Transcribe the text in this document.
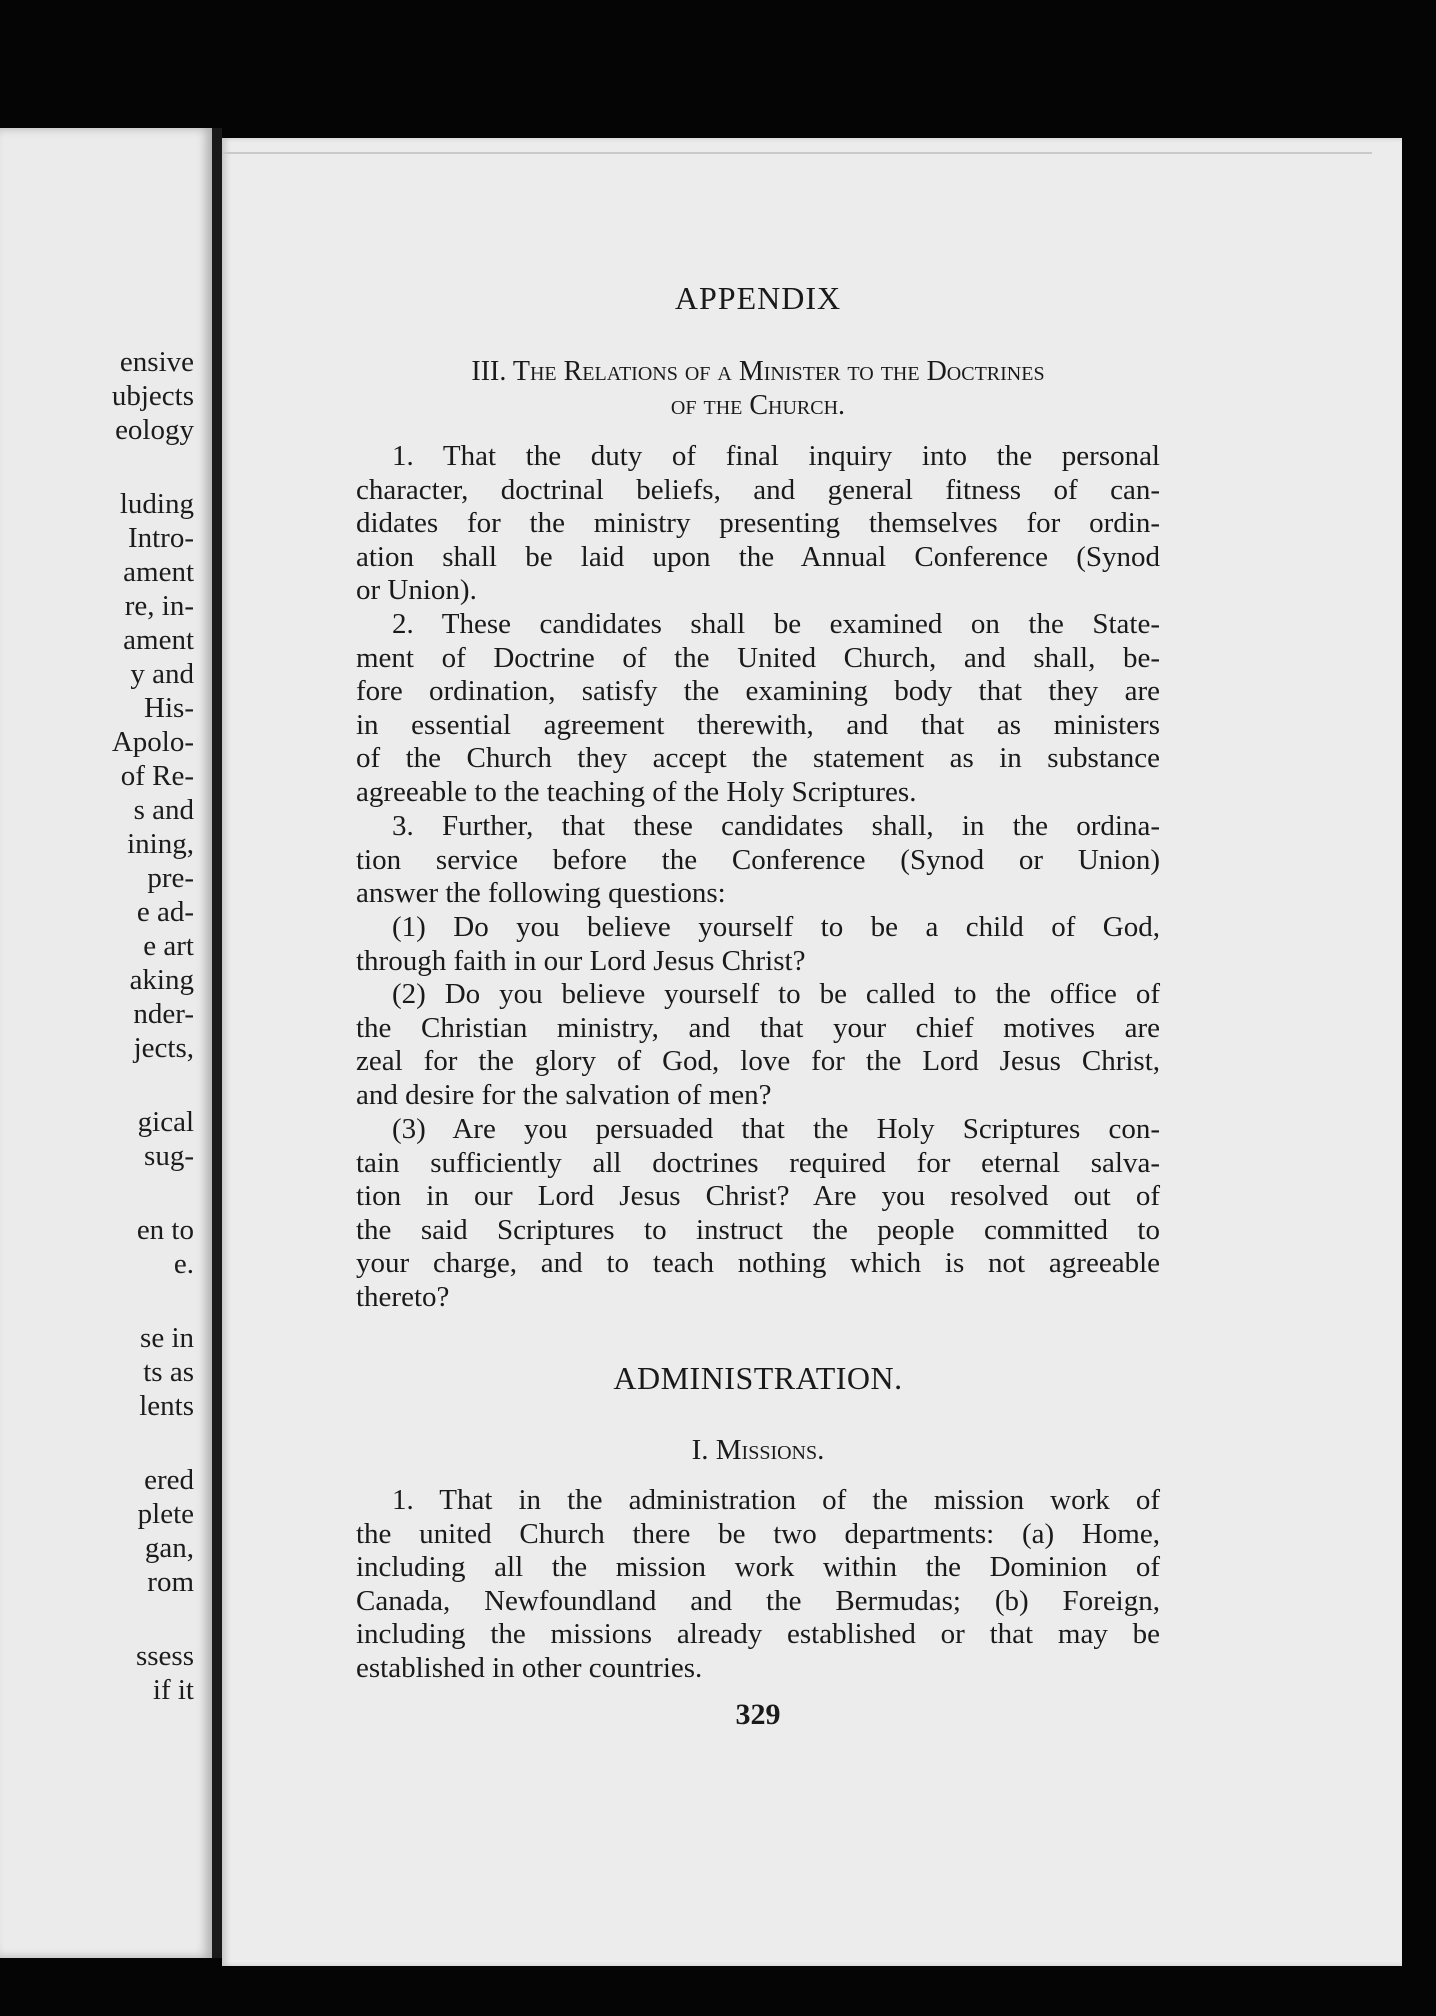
ensive
ubjects
eology
luding
Intro-
ament
re, in-
ament
y and
His-
Apolo-
of Re-
s and
ining,
pre-
e ad-
e art
aking
nder-
jects,
gical
sug-
en to
e.
se in
ts as
lents
ered
plete
gan,
rom
ssess
if it
APPENDIX
III. The Relations of a Minister to the Doctrines
of the Church.
1. That the duty of final inquiry into the personal
character, doctrinal beliefs, and general fitness of can-
didates for the ministry presenting themselves for ordin-
ation shall be laid upon the Annual Conference (Synod
or Union).
2. These candidates shall be examined on the State-
ment of Doctrine of the United Church, and shall, be-
fore ordination, satisfy the examining body that they are
in essential agreement therewith, and that as ministers
of the Church they accept the statement as in substance
agreeable to the teaching of the Holy Scriptures.
3. Further, that these candidates shall, in the ordina-
tion service before the Conference (Synod or Union)
answer the following questions:
(1) Do you believe yourself to be a child of God,
through faith in our Lord Jesus Christ?
(2) Do you believe yourself to be called to the office of
the Christian ministry, and that your chief motives are
zeal for the glory of God, love for the Lord Jesus Christ,
and desire for the salvation of men?
(3) Are you persuaded that the Holy Scriptures con-
tain sufficiently all doctrines required for eternal salva-
tion in our Lord Jesus Christ? Are you resolved out of
the said Scriptures to instruct the people committed to
your charge, and to teach nothing which is not agreeable
thereto?
ADMINISTRATION.
I. Missions.
1. That in the administration of the mission work of
the united Church there be two departments: (a) Home,
including all the mission work within the Dominion of
Canada, Newfoundland and the Bermudas; (b) Foreign,
including the missions already established or that may be
established in other countries.
329
